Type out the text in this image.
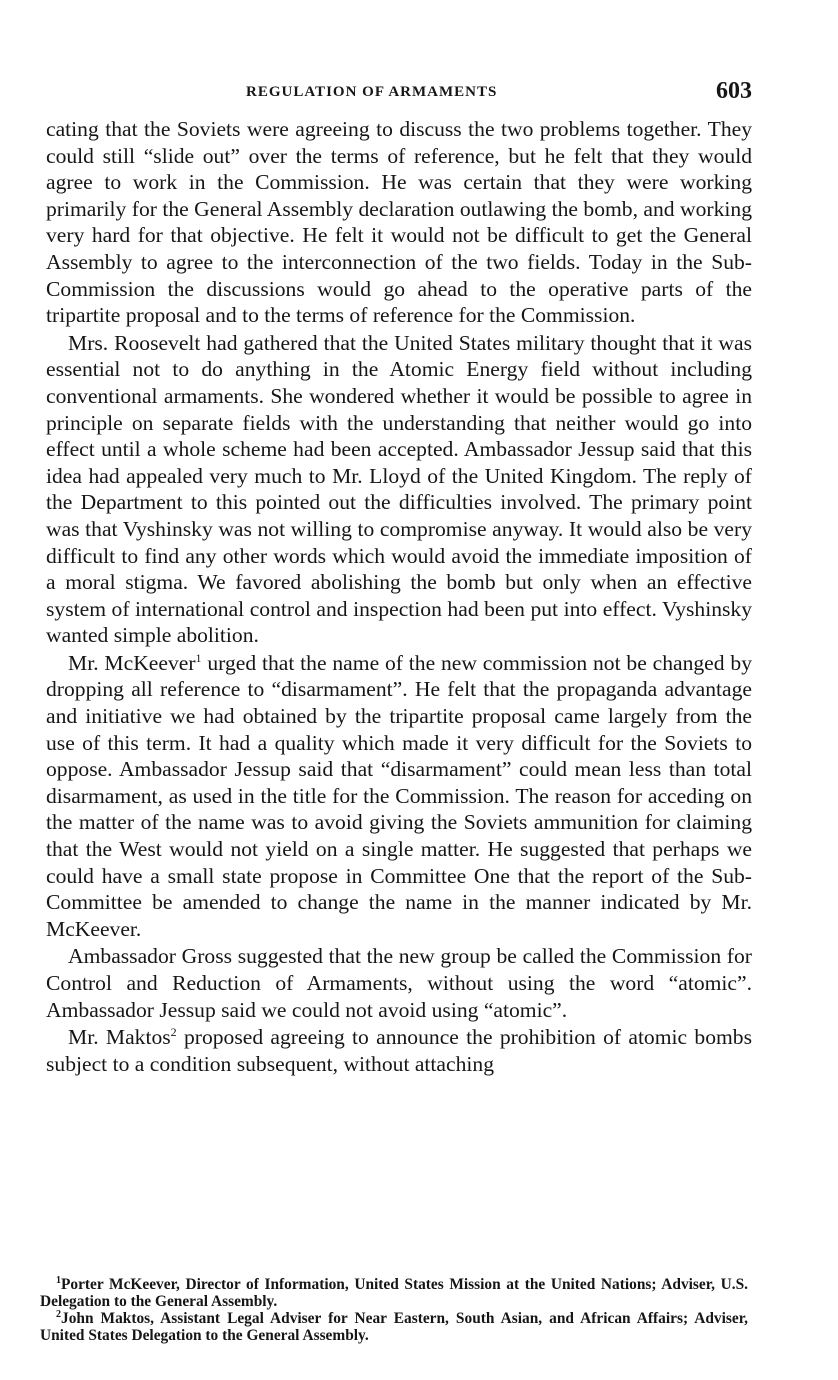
REGULATION OF ARMAMENTS	603

cating that the Soviets were agreeing to discuss the two problems together. They could still “slide out” over the terms of reference, but he felt that they would agree to work in the Commission. He was certain that they were working primarily for the General Assembly declaration outlawing the bomb, and working very hard for that objective. He felt it would not be difficult to get the General Assembly to agree to the interconnection of the two fields. Today in the Sub-Commission the discussions would go ahead to the operative parts of the tripartite proposal and to the terms of reference for the Commission.

Mrs. Roosevelt had gathered that the United States military thought that it was essential not to do anything in the Atomic Energy field without including conventional armaments. She wondered whether it would be possible to agree in principle on separate fields with the understanding that neither would go into effect until a whole scheme had been accepted. Ambassador Jessup said that this idea had appealed very much to Mr. Lloyd of the United Kingdom. The reply of the Department to this pointed out the difficulties involved. The primary point was that Vyshinsky was not willing to compromise anyway. It would also be very difficult to find any other words which would avoid the immediate imposition of a moral stigma. We favored abolishing the bomb but only when an effective system of international control and inspection had been put into effect. Vyshinsky wanted simple abolition.

Mr. McKeever$^1$ urged that the name of the new commission not be changed by dropping all reference to “disarmament”. He felt that the propaganda advantage and initiative we had obtained by the tripartite proposal came largely from the use of this term. It had a quality which made it very difficult for the Soviets to oppose. Ambassador Jessup said that “disarmament” could mean less than total disarmament, as used in the title for the Commission. The reason for acceding on the matter of the name was to avoid giving the Soviets ammunition for claiming that the West would not yield on a single matter. He suggested that perhaps we could have a small state propose in Committee One that the report of the Sub-Committee be amended to change the name in the manner indicated by Mr. McKeever.

Ambassador Gross suggested that the new group be called the Commission for Control and Reduction of Armaments, without using the word “atomic”. Ambassador Jessup said we could not avoid using “atomic”.

Mr. Maktos$^2$ proposed agreeing to announce the prohibition of atomic bombs subject to a condition subsequent, without attaching

$^1$Porter McKeever, Director of Information, United States Mission at the United Nations; Adviser, U.S. Delegation to the General Assembly.

$^2$John Maktos, Assistant Legal Adviser for Near Eastern, South Asian, and African Affairs; Adviser, United States Delegation to the General Assembly.
